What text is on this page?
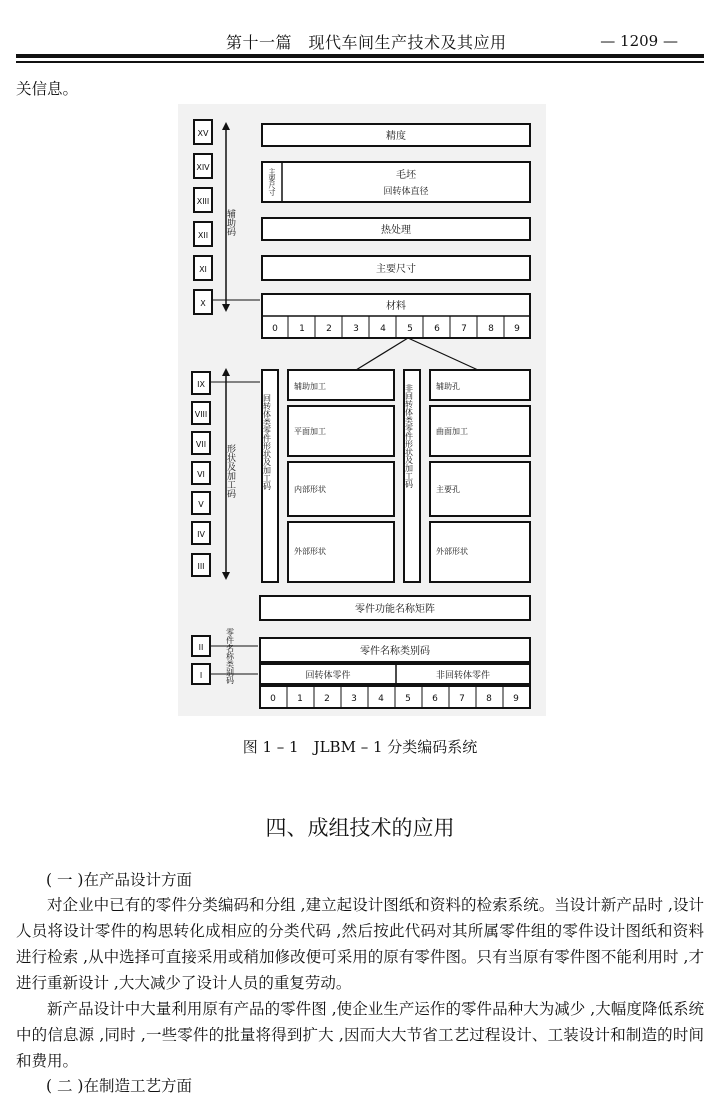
第十一篇　现代车间生产技术及其应用	— 1209 —

关信息。

XV
XIV
XIII
XII
XI
X
辅助码
IX
VIII
VII
VI
V
IV
III
形状及加工码
II
I	零件名称类别码
精度
主要尺寸	毛坯
回转体直径
热处理
主要尺寸
材料
0 1 2 3 4 5 6 7 8 9
回转体类零件形状及加工码
辅助加工
平面加工
内部形状
外部形状
非回转体类零件形状及加工码	辅助孔
曲面加工
主要孔
外部形状
零件功能名称矩阵
零件名称类别码
回转体零件	非回转体零件
0 1 2 3 4 5 6 7 8 9
图 1 – 1　JLBM – 1 分类编码系统
四、成组技术的应用
( 一 )在产品设计方面

对企业中已有的零件分类编码和分组 ,建立起设计图纸和资料的检索系统。当设计新产品时 ,设计人员将设计零件的构思转化成相应的分类代码 ,然后按此代码对其所属零件组的零件设计图纸和资料进行检索 ,从中选择可直接采用或稍加修改便可采用的原有零件图。只有当原有零件图不能利用时 ,才进行重新设计 ,大大减少了设计人员的重复劳动。

新产品设计中大量利用原有产品的零件图 ,使企业生产运作的零件品种大为减少 ,大幅度降低系统中的信息源 ,同时 ,一些零件的批量将得到扩大 ,因而大大节省工艺过程设计、工装设计和制造的时间和费用。

( 二 )在制造工艺方面
